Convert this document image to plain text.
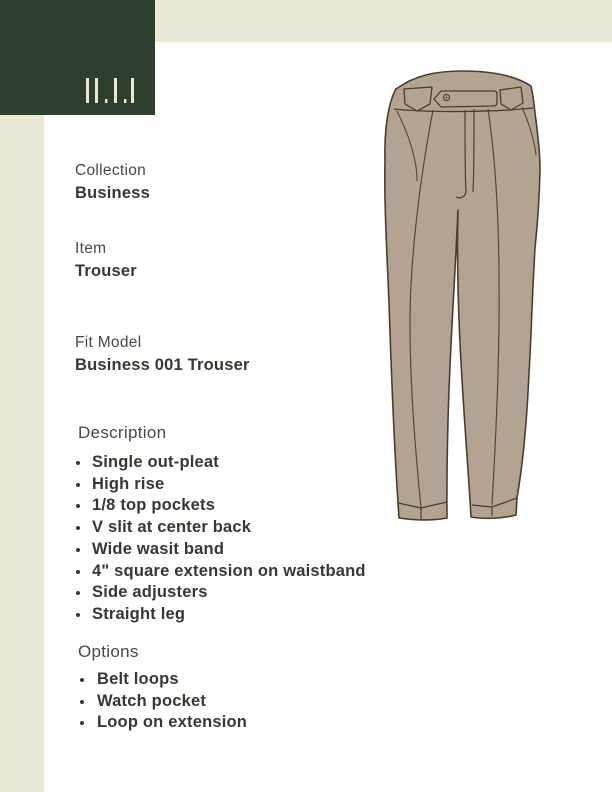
Collection
Business
Item
Trouser
Fit Model
Business 001 Trouser
Description
Single out-pleat
High rise
1/8 top pockets
V slit at center back
Wide wasit band
4" square extension on waistband
Side adjusters
Straight leg
Options
Belt loops
Watch pocket
Loop on extension
